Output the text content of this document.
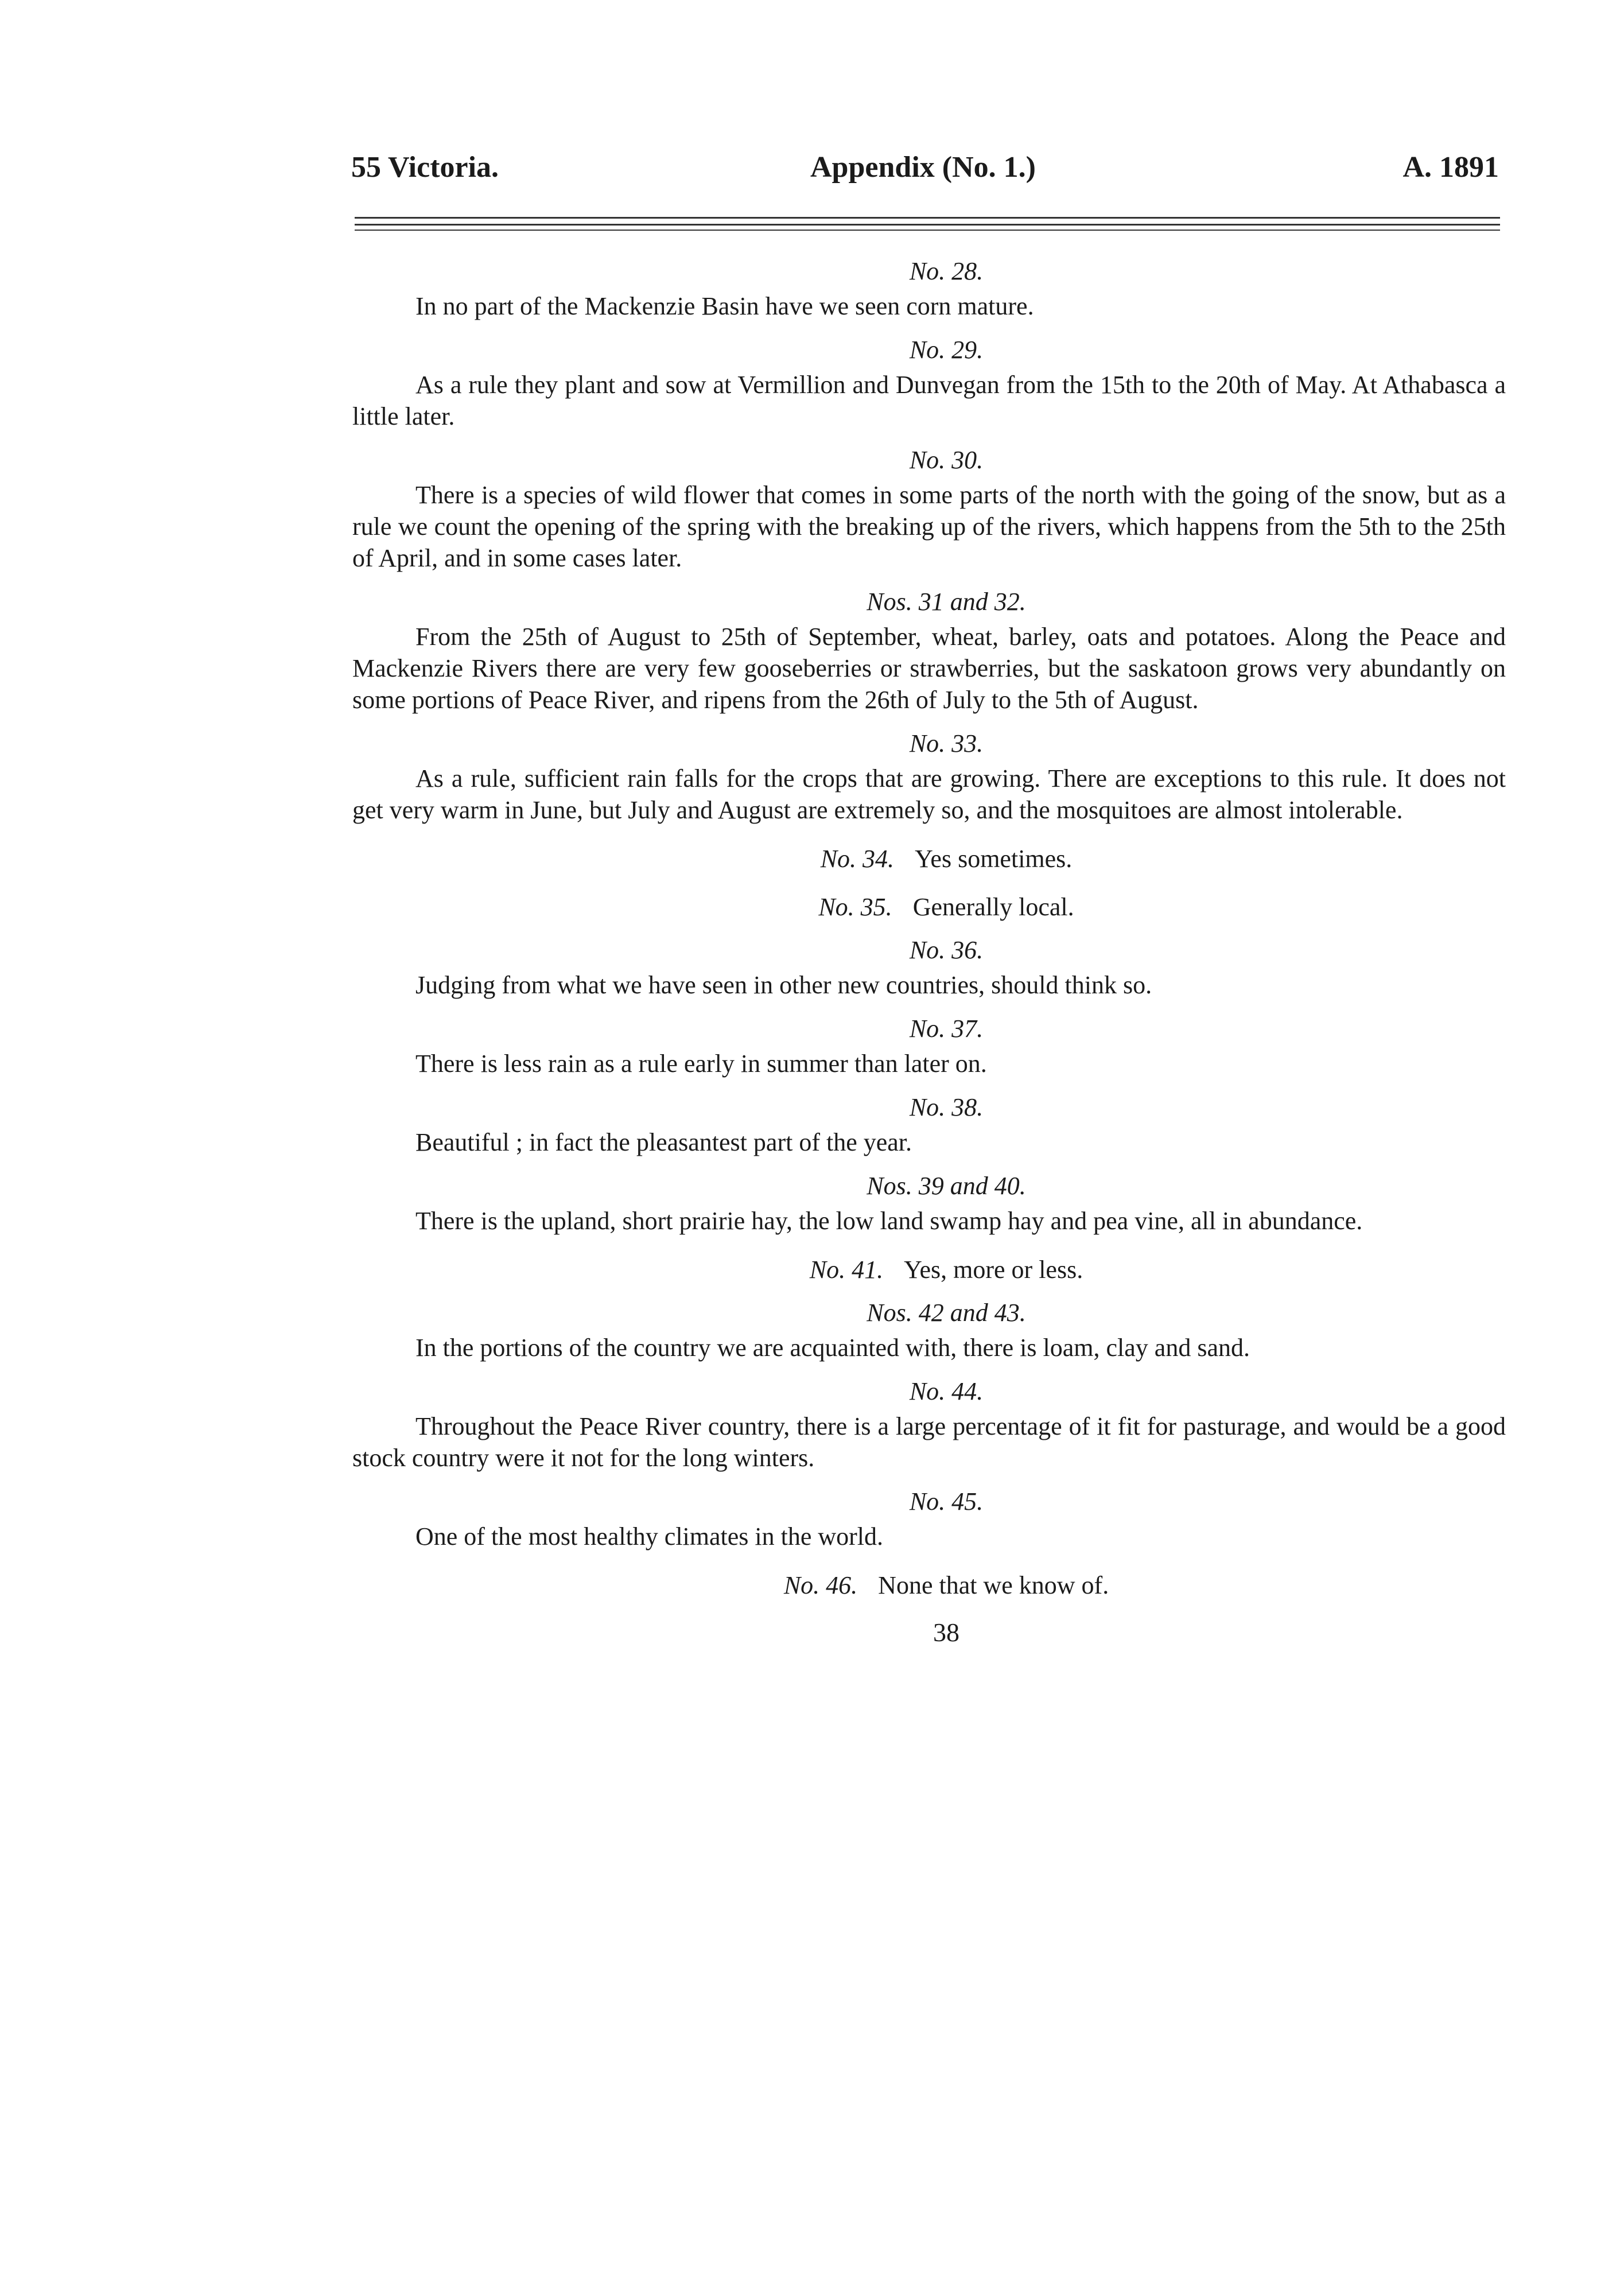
55 Victoria.	Appendix (No. 1.)	A. 1891

No. 28.

In no part of the Mackenzie Basin have we seen corn mature.

No. 29.

As a rule they plant and sow at Vermillion and Dunvegan from the 15th to the 20th of May. At Athabasca a little later.

No. 30.

There is a species of wild flower that comes in some parts of the north with the going of the snow, but as a rule we count the opening of the spring with the breaking up of the rivers, which happens from the 5th to the 25th of April, and in some cases later.

Nos. 31 and 32.

From the 25th of August to 25th of September, wheat, barley, oats and potatoes. Along the Peace and Mackenzie Rivers there are very few gooseberries or strawberries, but the saskatoon grows very abundantly on some portions of Peace River, and ripens from the 26th of July to the 5th of August.

No. 33.

As a rule, sufficient rain falls for the crops that are growing. There are exceptions to this rule. It does not get very warm in June, but July and August are extremely so, and the mosquitoes are almost intolerable.

No. 34. Yes sometimes.

No. 35. Generally local.

No. 36.

Judging from what we have seen in other new countries, should think so.

No. 37.

There is less rain as a rule early in summer than later on.

No. 38.

Beautiful ; in fact the pleasantest part of the year.

Nos. 39 and 40.

There is the upland, short prairie hay, the low land swamp hay and pea vine, all in abundance.

No. 41. Yes, more or less.

Nos. 42 and 43.

In the portions of the country we are acquainted with, there is loam, clay and sand.

No. 44.

Throughout the Peace River country, there is a large percentage of it fit for pasturage, and would be a good stock country were it not for the long winters.

No. 45.

One of the most healthy climates in the world.

No. 46. None that we know of.

38
